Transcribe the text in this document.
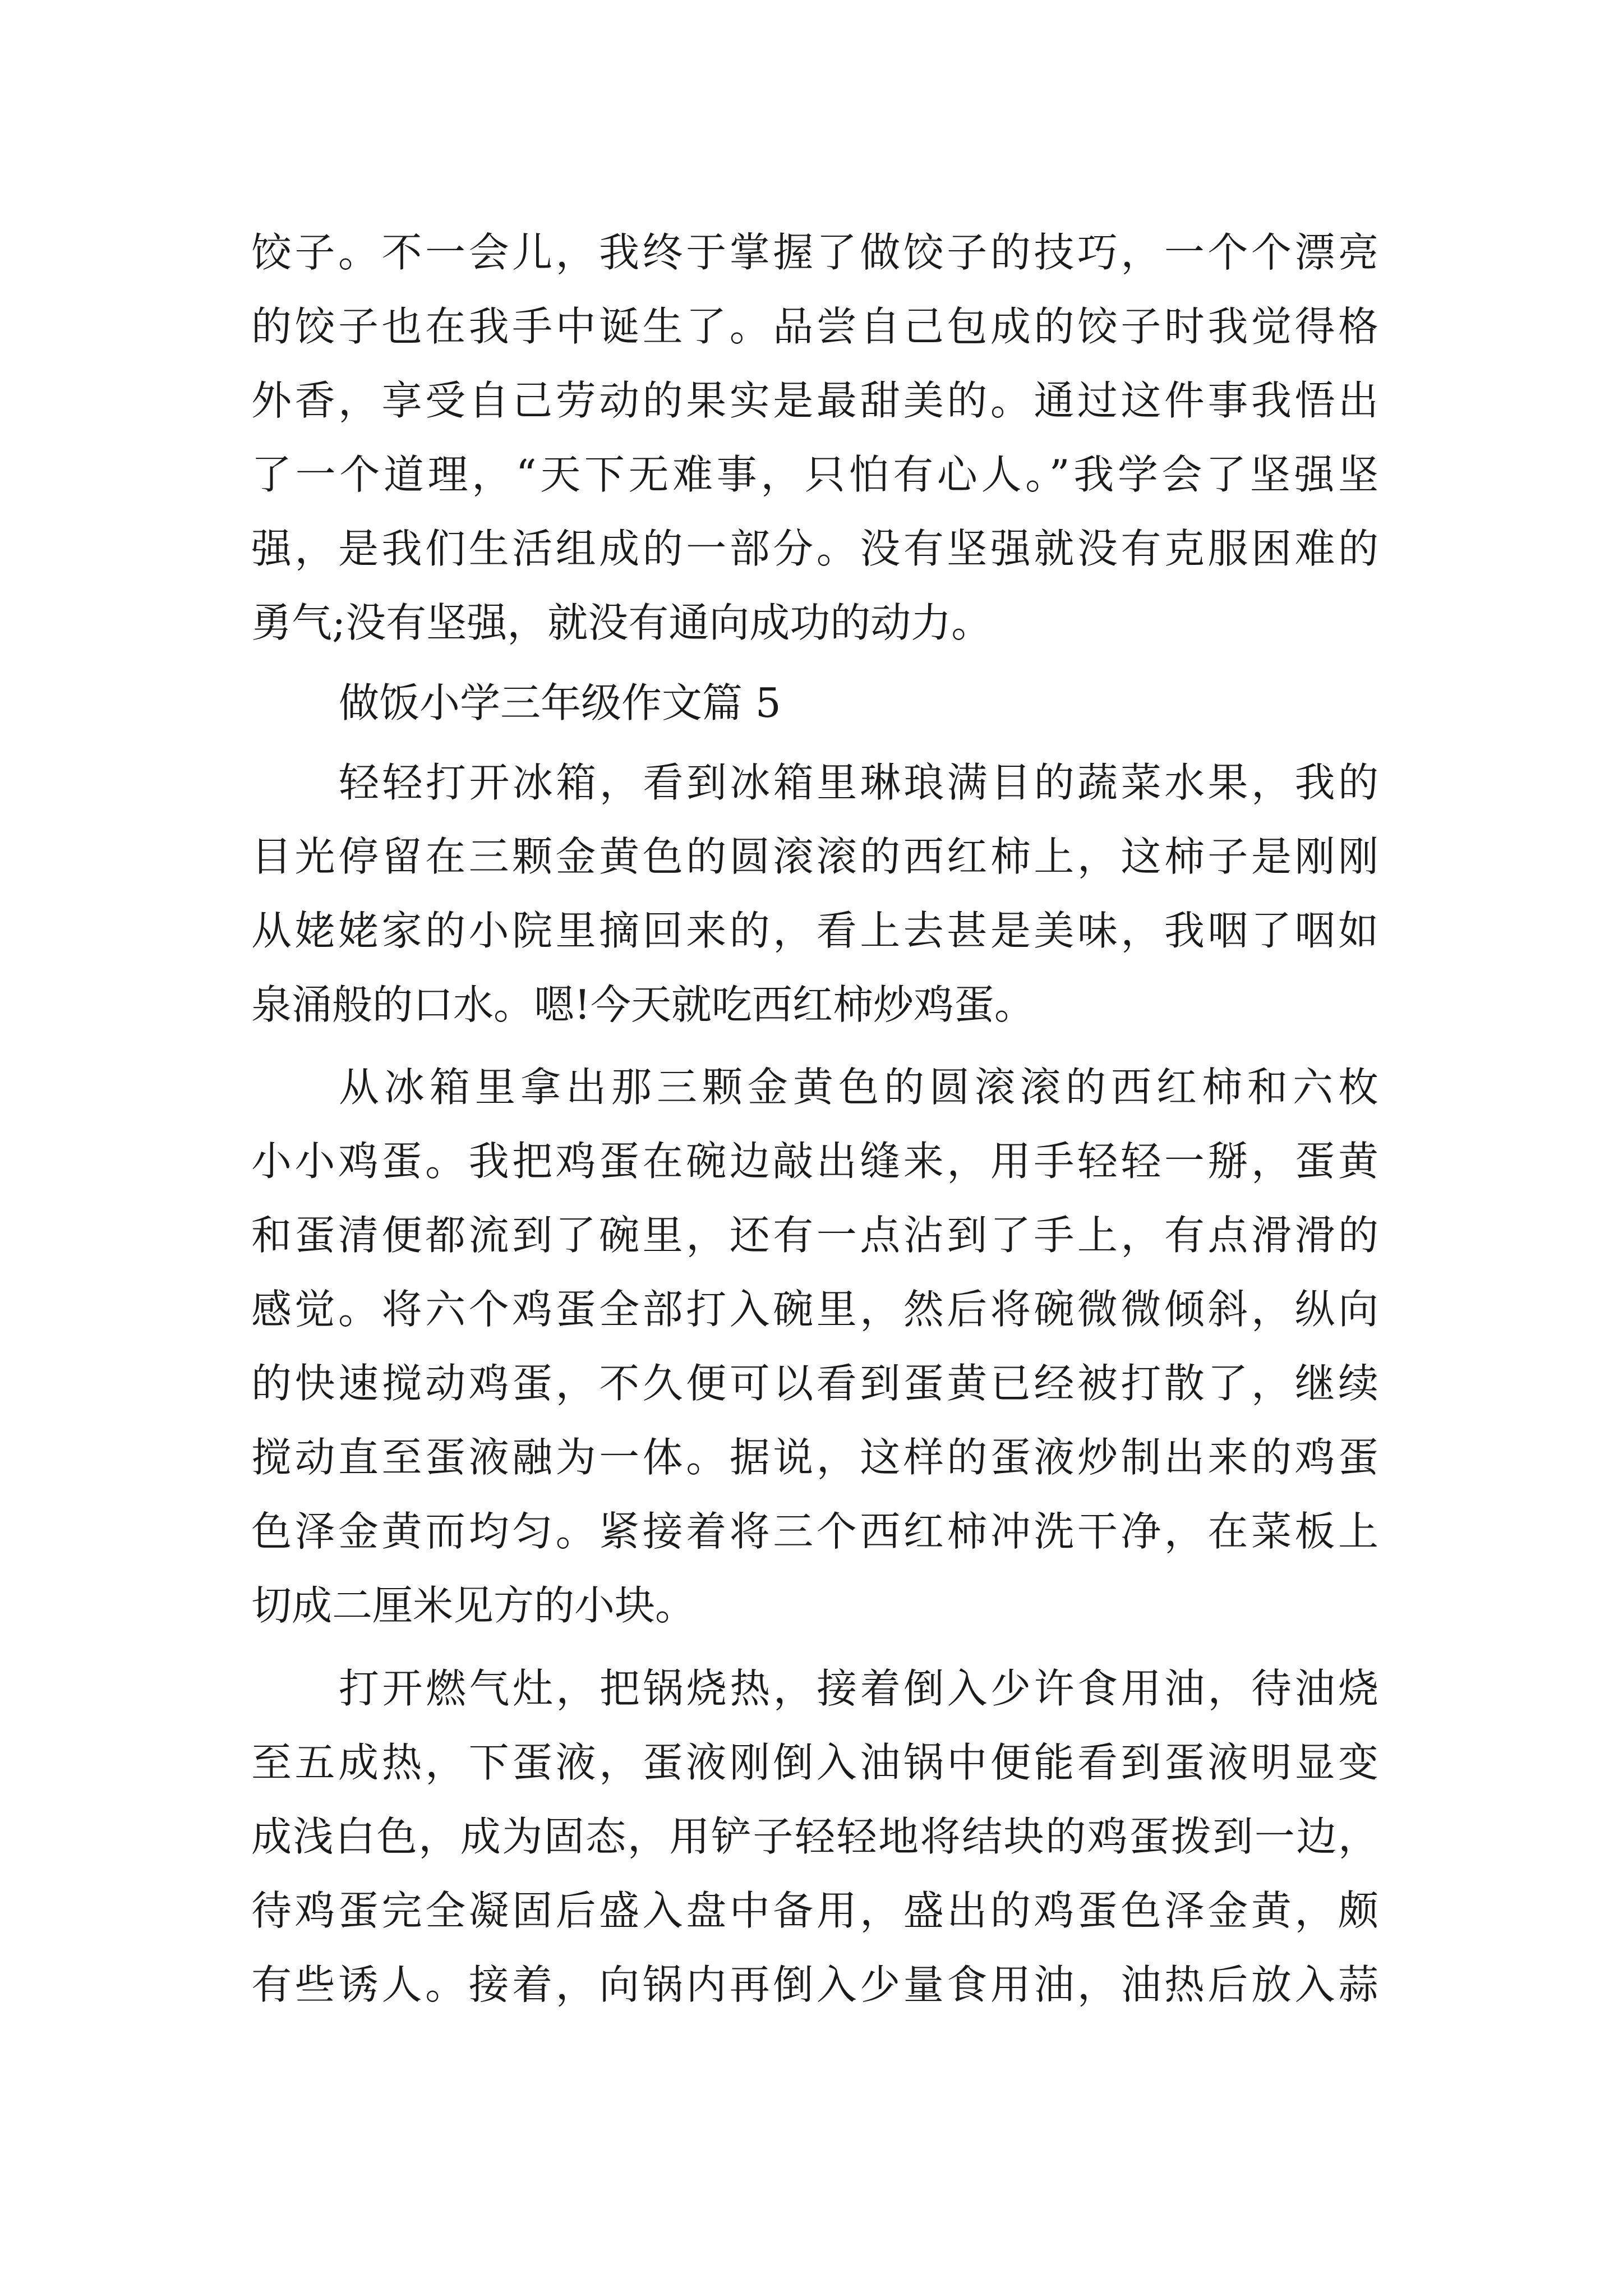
饺子。不一会儿，我终于掌握了做饺子的技巧，一个个漂亮
的饺子也在我手中诞生了。品尝自己包成的饺子时我觉得格
外香，享受自己劳动的果实是最甜美的。通过这件事我悟出
了一个道理，“天下无难事，只怕有心人。”我学会了坚强坚
强，是我们生活组成的一部分。没有坚强就没有克服困难的
勇气;没有坚强，就没有通向成功的动力。
做饭小学三年级作文篇 5
轻轻打开冰箱，看到冰箱里琳琅满目的蔬菜水果，我的
目光停留在三颗金黄色的圆滚滚的西红柿上，这柿子是刚刚
从姥姥家的小院里摘回来的，看上去甚是美味，我咽了咽如
泉涌般的口水。嗯!今天就吃西红柿炒鸡蛋。
从冰箱里拿出那三颗金黄色的圆滚滚的西红柿和六枚
小小鸡蛋。我把鸡蛋在碗边敲出缝来，用手轻轻一掰，蛋黄
和蛋清便都流到了碗里，还有一点沾到了手上，有点滑滑的
感觉。将六个鸡蛋全部打入碗里，然后将碗微微倾斜，纵向
的快速搅动鸡蛋，不久便可以看到蛋黄已经被打散了，继续
搅动直至蛋液融为一体。据说，这样的蛋液炒制出来的鸡蛋
色泽金黄而均匀。紧接着将三个西红柿冲洗干净，在菜板上
切成二厘米见方的小块。
打开燃气灶，把锅烧热，接着倒入少许食用油，待油烧
至五成热，下蛋液，蛋液刚倒入油锅中便能看到蛋液明显变
成浅白色，成为固态，用铲子轻轻地将结块的鸡蛋拨到一边，
待鸡蛋完全凝固后盛入盘中备用，盛出的鸡蛋色泽金黄，颇
有些诱人。接着，向锅内再倒入少量食用油，油热后放入蒜
